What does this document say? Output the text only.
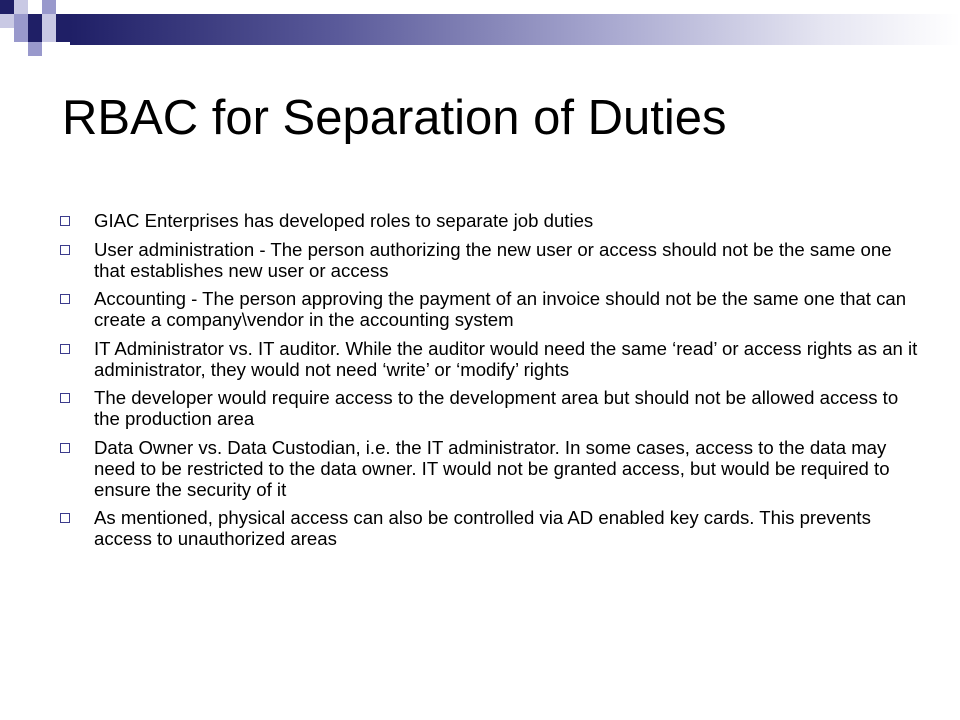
RBAC for Separation of Duties
GIAC Enterprises has developed roles to separate job duties
User administration - The person authorizing the new user or access should not be the same one that establishes new user or access
Accounting - The person approving the payment of an invoice should not be the same one that can create a company\vendor in the accounting system
IT Administrator vs. IT auditor. While the auditor would need the same ‘read’ or access rights as an it administrator, they would not need ‘write’ or ‘modify’ rights
The developer would require access to the development area but should not be allowed access to the production area
Data Owner vs. Data Custodian, i.e. the IT administrator. In some cases, access to the data may need to be restricted to the data owner. IT would not be granted access, but would be required to ensure the security of it
As mentioned, physical access can also be controlled via AD enabled key cards. This prevents access to unauthorized areas
